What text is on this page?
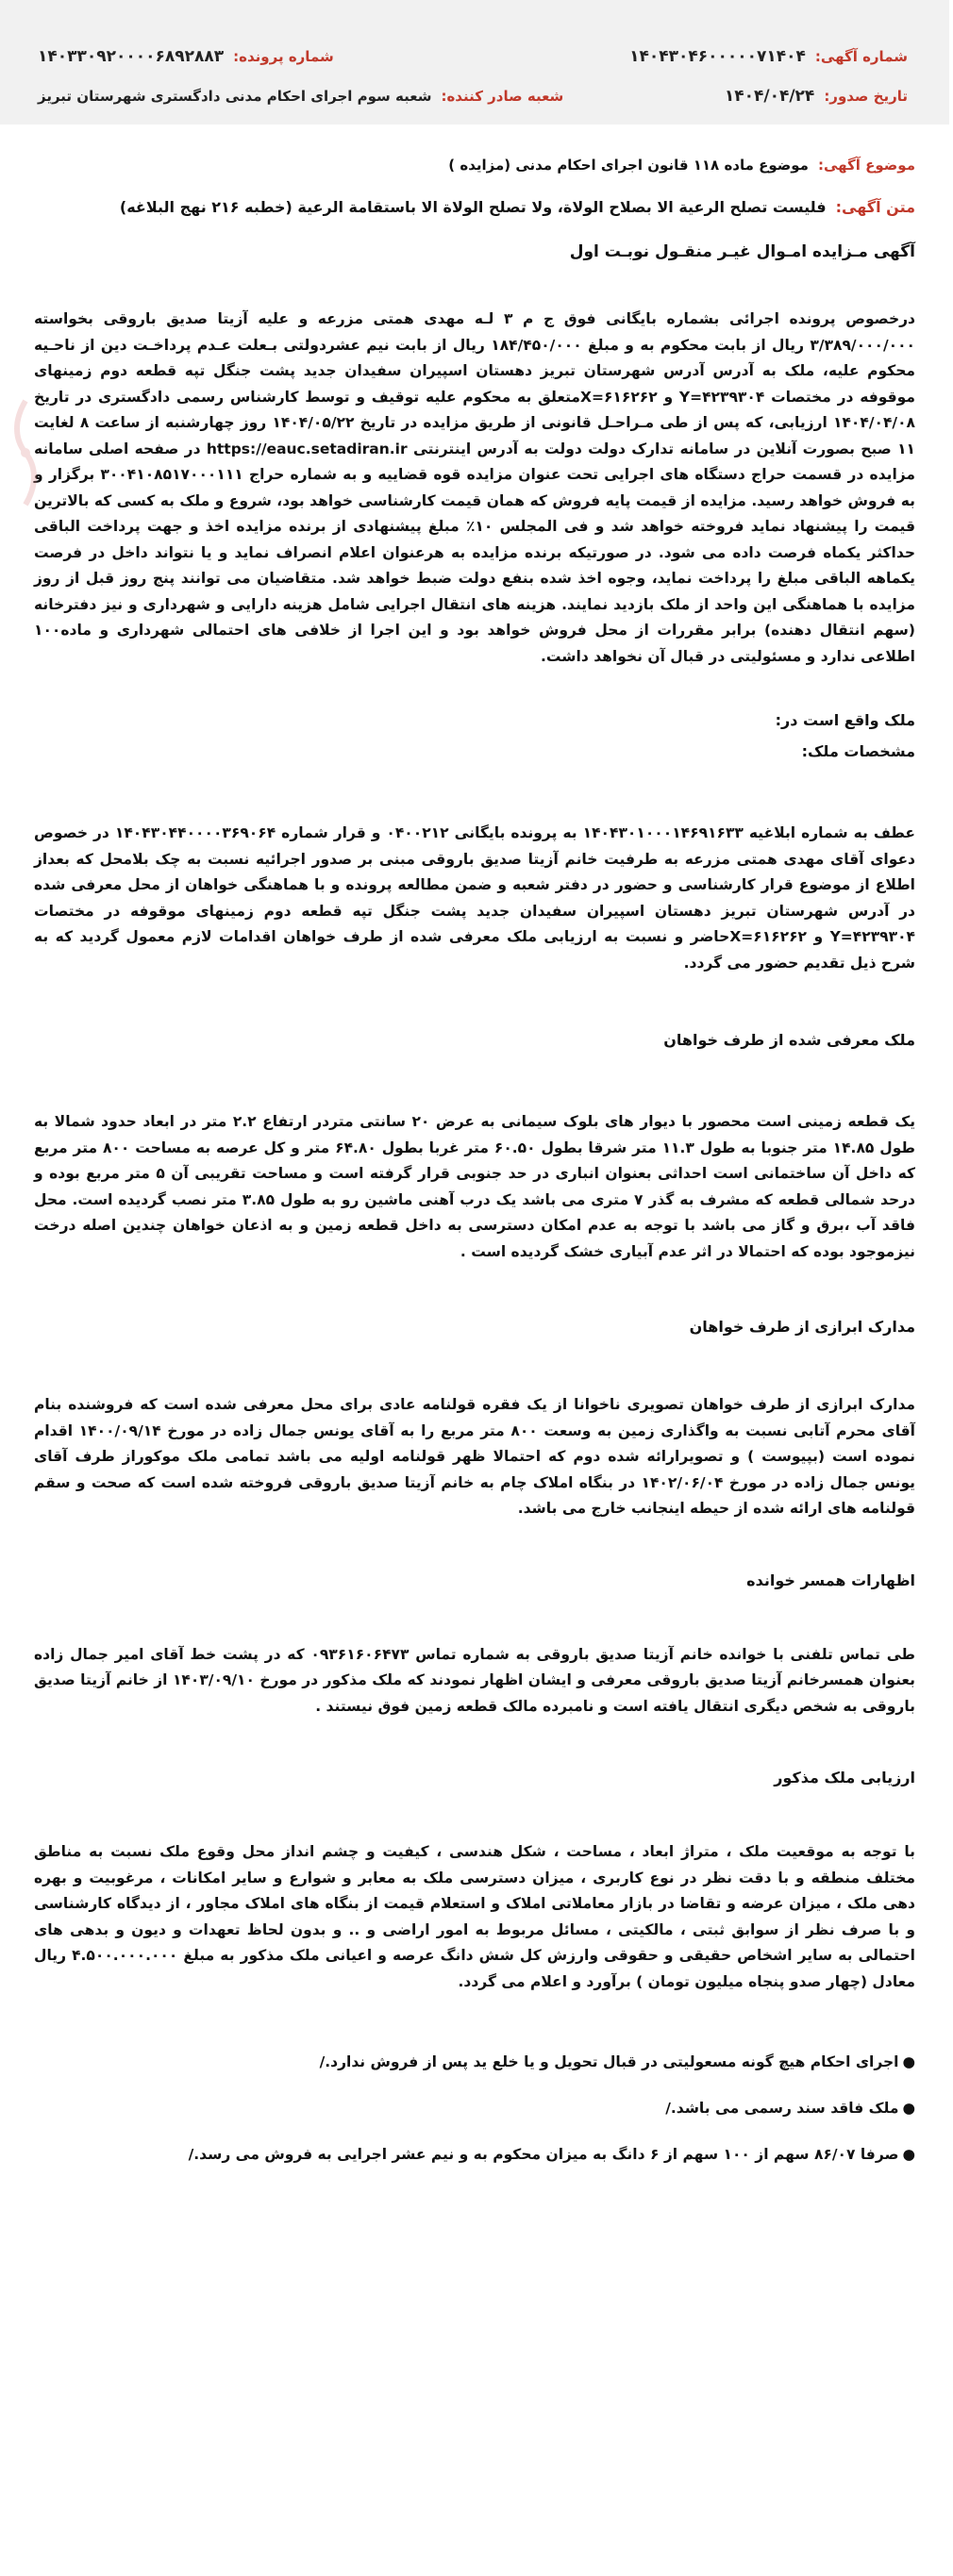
شماره آگهی:
۱۴۰۴۳۰۴۶۰۰۰۰۰۷۱۴۰۴
شماره پرونده:
۱۴۰۳۳۰۹۲۰۰۰۰۶۸۹۲۸۸۳
تاریخ صدور:
۱۴۰۴/۰۴/۲۴
شعبه صادر کننده:
شعبه سوم اجرای احکام مدنی دادگستری شهرستان تبریز
موضوع آگهی:
موضوع ماده ۱۱۸ قانون اجرای احکام مدنی (مزایده )
متن آگهی:
فلیست تصلح الرعیة الا بصلاح الولاة، ولا تصلح الولاة الا باستقامة الرعیة (خطبه ۲۱۶ نهج البلاغه)
آگهی مـزایده امـوال غیـر منقـول نوبـت اول

درخصوص پرونده اجرائی بشماره بایگانی فوق ج م ۳ لـه مهدی همتی مزرعه و علیه آزیتا صدیق باروقی بخواسته ۳/۳۸۹/۰۰۰/۰۰۰ ریال از بابت محکوم به و مبلغ ۱۸۴/۴۵۰/۰۰۰ ریال از بابت نیم عشردولتی بـعلت عـدم پرداخـت دین از ناحـیه محکوم علیه، ملک به آدرس آدرس شهرستان تبریز دهستان اسپیران سفیدان جدید پشت جنگل تپه قطعه دوم زمینهای موقوفه در مختصات Y=۴۲۳۹۳۰۴ و X=۶۱۶۲۶۲متعلق به محکوم علیه توقیف و توسط کارشناس رسمی دادگستری در تاریخ ۱۴۰۴/۰۴/۰۸ ارزیابی، که پس از طی مـراحـل قانونی از طریق مزایده در تاریخ ۱۴۰۴/۰۵/۲۲ روز چهارشنبه از ساعت ۸ لغایت ۱۱ صبح بصورت آنلاین در سامانه تدارک دولت دولت به آدرس اینترنتی https://eauc.setadiran.ir در صفحه اصلی سامانه مزایده در قسمت حراج دستگاه های اجرایی تحت عنوان مزایده قوه قضاییه و به شماره حراج ۳۰۰۴۱۰۸۵۱۷۰۰۰۱۱۱ برگزار و به فروش خواهد رسید. مزایده از قیمت پایه فروش که همان قیمت کارشناسی خواهد بود، شروع و ملک به کسی که بالاترین قیمت را پیشنهاد نماید فروخته خواهد شد و فی المجلس ۱۰٪ مبلغ پیشنهادی از برنده مزایده اخذ و جهت پرداخت الباقی حداکثر یکماه فرصت داده می شود. در صورتیکه برنده مزایده به هرعنوان اعلام انصراف نماید و یا نتواند داخل در فرصت یکماهه الباقی مبلغ را پرداخت نماید، وجوه اخذ شده بنفع دولت ضبط خواهد شد. متقاضیان می توانند پنج روز قبل از روز مزایده با هماهنگی این واحد از ملک بازدید نمایند. هزینه های انتقال اجرایی شامل هزینه دارایی و شهرداری و نیز دفترخانه (سهم انتقال دهنده) برابر مقررات از محل فروش خواهد بود و این اجرا از خلافی های احتمالی شهرداری و ماده۱۰۰ اطلاعی ندارد و مسئولیتی در قبال آن نخواهد داشت.

ملک واقع است در:

مشخصات ملک:

عطف به شماره ابلاغیه ۱۴۰۴۳۰۱۰۰۰۱۴۶۹۱۶۳۳ به پرونده بایگانی ۰۴۰۰۲۱۲ و قرار شماره ۱۴۰۴۳۰۴۴۰۰۰۰۳۶۹۰۶۴ در خصوص دعوای آقای مهدی همتی مزرعه به طرفیت خانم آزیتا صدیق باروقی مبنی بر صدور اجرائیه نسبت به چک بلامحل که بعداز اطلاع از موضوع قرار کارشناسی و حضور در دفتر شعبه و ضمن مطالعه پرونده و با هماهنگی خواهان از محل معرفی شده در آدرس شهرستان تبریز دهستان اسپیران سفیدان جدید پشت جنگل تپه قطعه دوم زمینهای موقوفه در مختصات Y=۴۲۳۹۳۰۴ و X=۶۱۶۲۶۲حاضر و نسبت به ارزیابی ملک معرفی شده از طرف خواهان اقدامات لازم معمول گردید که به شرح ذیل تقدیم حضور می گردد.

ملک معرفی شده از طرف خواهان

یک قطعه زمینی است محصور با دیوار های بلوک سیمانی به عرض ۲۰ سانتی متردر ارتفاع ۲.۲ متر در ابعاد حدود شمالا به طول ۱۴.۸۵ متر جنوبا به طول ۱۱.۳ متر شرقا بطول ۶۰.۵۰ متر غربا بطول ۶۴.۸۰ متر و کل عرصه به مساحت ۸۰۰ متر مربع که داخل آن ساختمانی است احداثی بعنوان انباری در حد جنوبی قرار گرفته است و مساحت تقریبی آن ۵ متر مربع بوده و درحد شمالی قطعه که مشرف به گذر ۷ متری می باشد یک درب آهنی ماشین رو به طول ۳.۸۵ متر نصب گردیده است. محل فاقد آب ،برق و گاز می باشد با توجه به عدم امکان دسترسی به داخل قطعه زمین و به اذعان خواهان چندین اصله درخت نیزموجود بوده که احتمالا در اثر عدم آبیاری خشک گردیده است .

مدارک ابرازی از طرف خواهان

مدارک ابرازی از طرف خواهان تصویری ناخوانا از یک فقره قولنامه عادی برای محل معرفی شده است که فروشنده بنام آقای محرم آتابی نسبت به واگذاری زمین به وسعت ۸۰۰ متر مربع را به آقای یونس جمال زاده در مورخ ۱۴۰۰/۰۹/۱۴ اقدام نموده است (بپیوست ) و تصویرارائه شده دوم که احتمالا ظهر قولنامه اولیه می باشد تمامی ملک موکوراز طرف آقای یونس جمال زاده در مورخ ۱۴۰۲/۰۶/۰۴ در بنگاه املاک چام به خانم آزیتا صدیق باروقی فروخته شده است که صحت و سقم قولنامه های ارائه شده از حیطه اینجانب خارج می باشد.

اظهارات همسر خوانده

طی تماس تلفنی با خوانده خانم آزیتا صدیق باروقی به شماره تماس ۰۹۳۶۱۶۰۶۴۷۳ که در پشت خط آقای امیر جمال زاده بعنوان همسرخانم آزیتا صدیق باروقی معرفی و ایشان اظهار نمودند که ملک مذکور در مورخ ۱۴۰۳/۰۹/۱۰ از خانم آزیتا صدیق باروقی به شخص دیگری انتقال یافته است و نامبرده مالک قطعه زمین فوق نیستند .

ارزیابی ملک مذکور

با توجه به موقعیت ملک ، متراژ ابعاد ، مساحت ، شکل هندسی ، کیفیت و چشم انداز محل وقوع ملک نسبت به مناطق مختلف منطقه و با دقت نظر در نوع کاربری ، میزان دسترسی ملک به معابر و شوارع و سایر امکانات ، مرغوبیت و بهره دهی ملک ، میزان عرضه و تقاضا در بازار معاملاتی املاک و استعلام قیمت از بنگاه های املاک مجاور ، از دیدگاه کارشناسی و با صرف نظر از سوابق ثبتی ، مالکیتی ، مسائل مربوط به امور اراضی و .. و بدون لحاظ تعهدات و دیون و بدهی های احتمالی به سایر اشخاص حقیقی و حقوقی وارزش کل شش دانگ عرصه و اعیانی ملک مذکور به مبلغ ۴.۵۰۰.۰۰۰.۰۰۰ ریال معادل (چهار صدو پنجاه میلیون تومان ) برآورد و اعلام می گردد.

●
اجرای احکام هیچ گونه مسعولیتی در قبال تحویل و یا خلع ید پس از فروش ندارد./
●
ملک فاقد سند رسمی می باشد./
●
صرفا ۸۶/۰۷ سهم از ۱۰۰ سهم از ۶ دانگ به میزان محکوم به و نیم عشر اجرایی به فروش می رسد./
